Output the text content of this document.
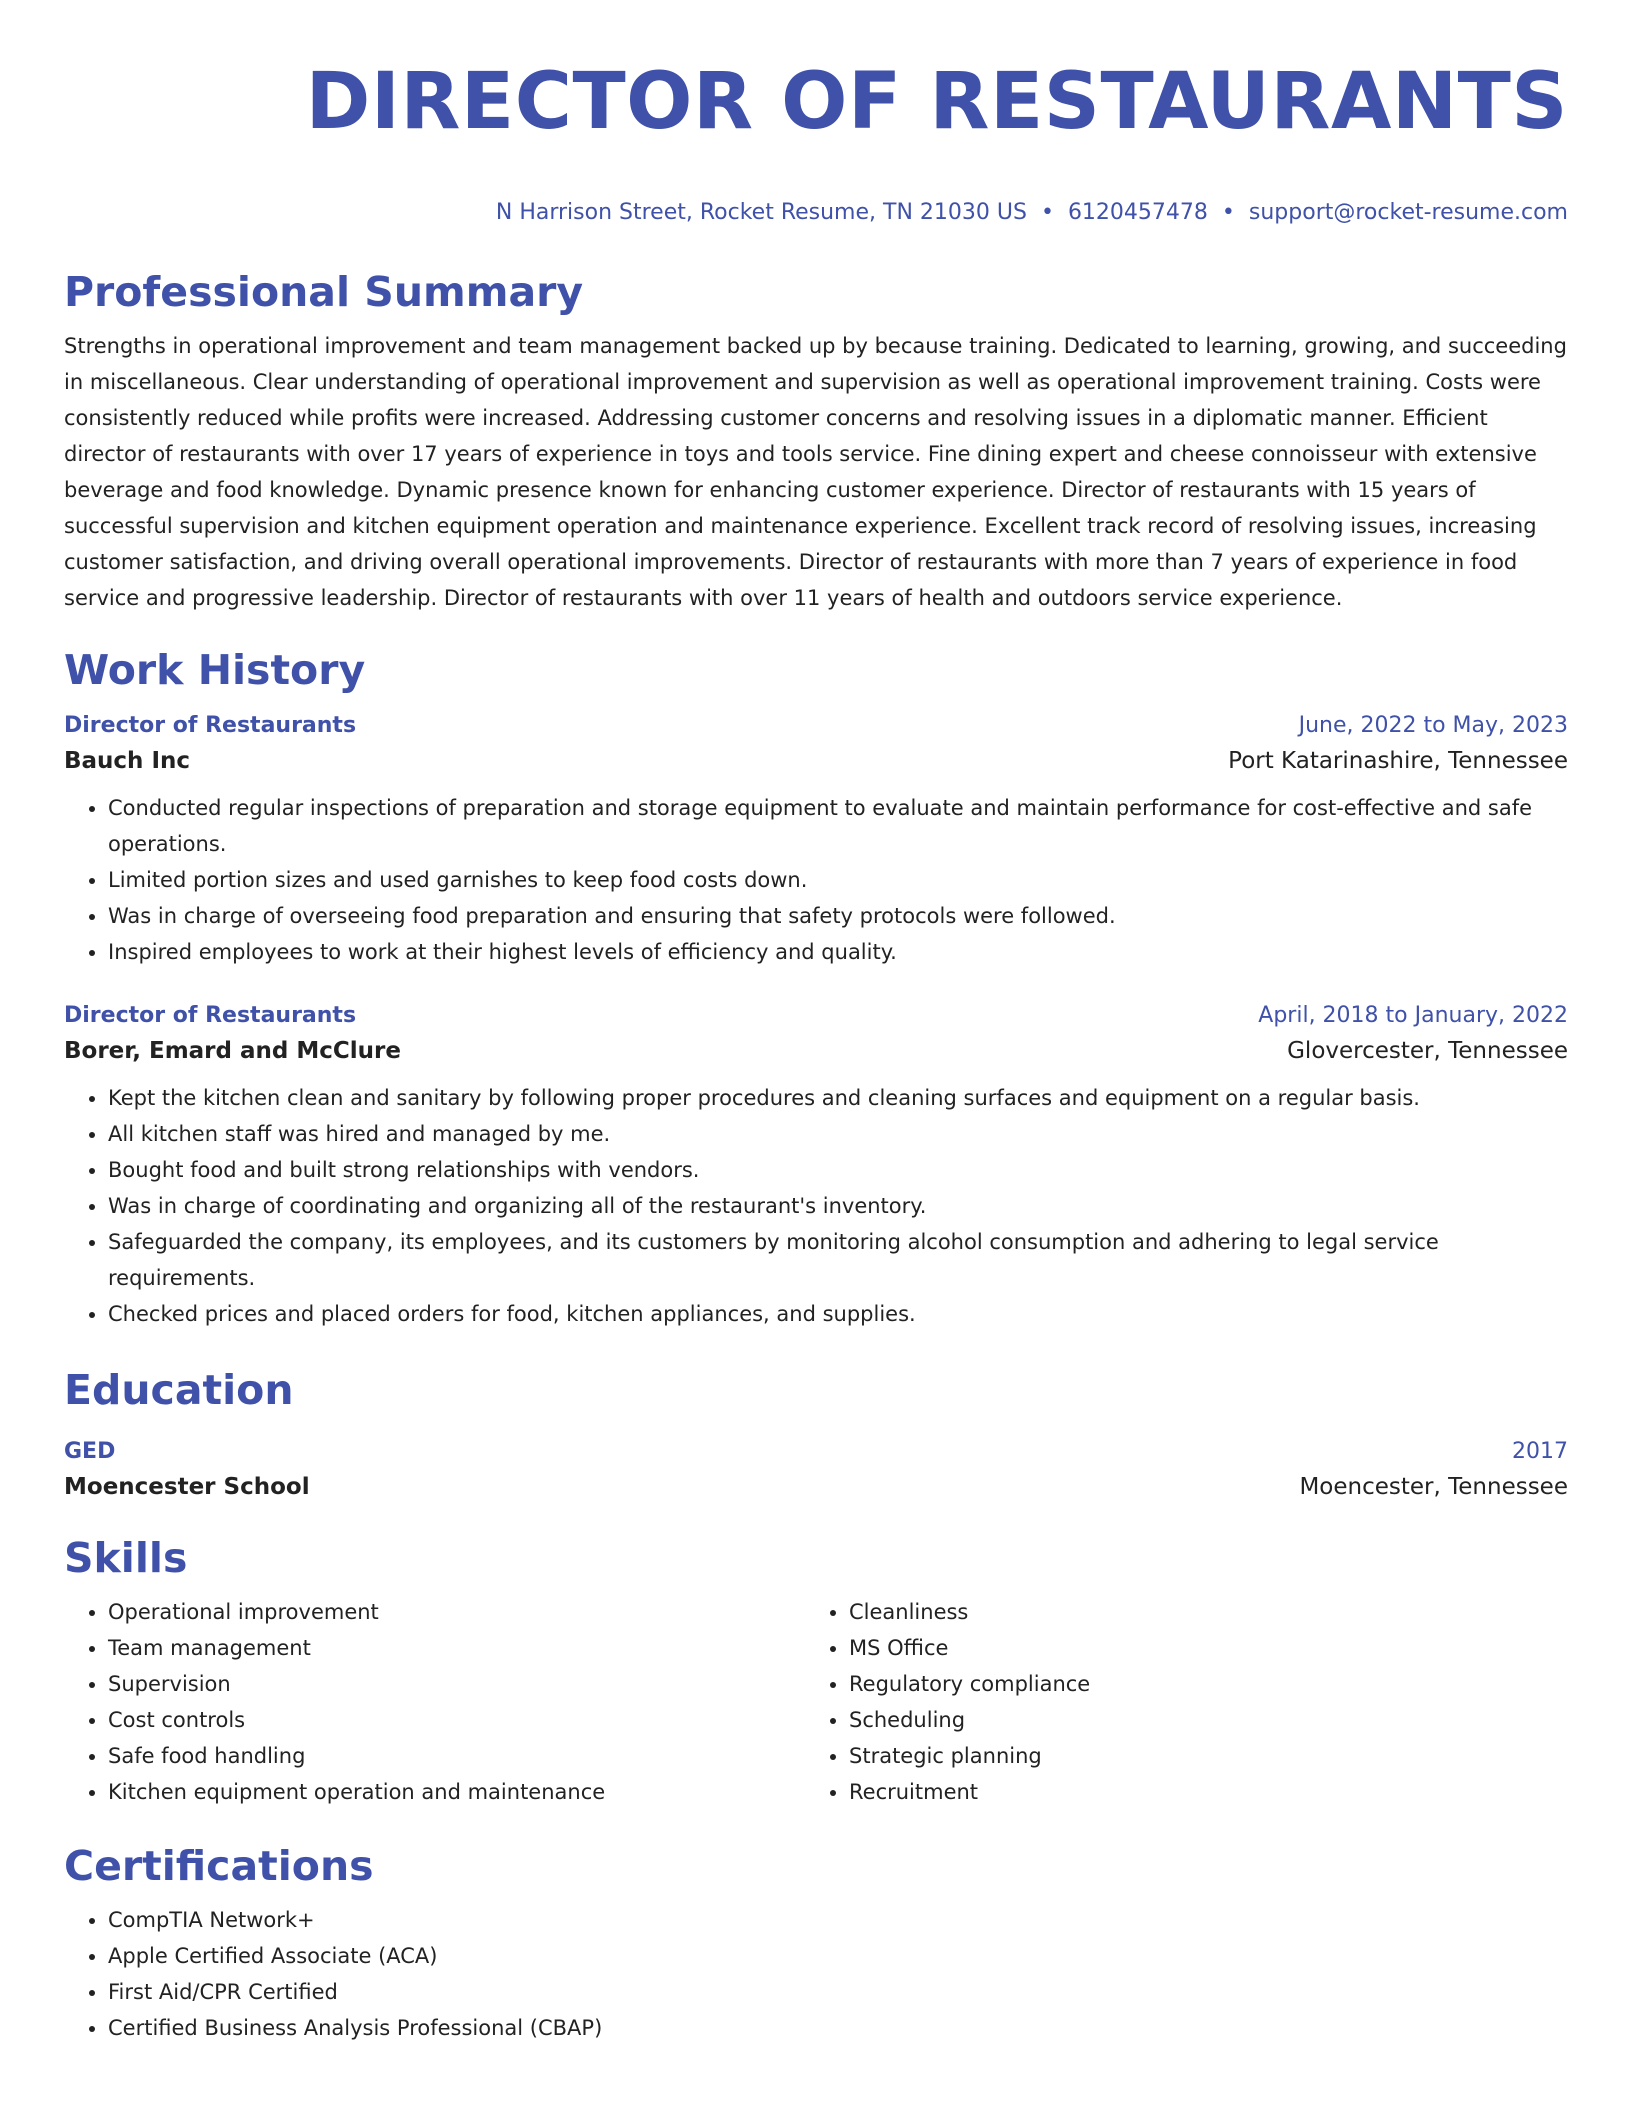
DIRECTOR OF RESTAURANTS
N Harrison Street, Rocket Resume, TN 21030 US • 6120457478 • support@rocket-resume.com
Professional Summary
Strengths in operational improvement and team management backed up by because training. Dedicated to learning, growing, and succeeding in miscellaneous. Clear understanding of operational improvement and supervision as well as operational improvement training. Costs were consistently reduced while profits were increased. Addressing customer concerns and resolving issues in a diplomatic manner. Efficient director of restaurants with over 17 years of experience in toys and tools service. Fine dining expert and cheese connoisseur with extensive beverage and food knowledge. Dynamic presence known for enhancing customer experience. Director of restaurants with 15 years of successful supervision and kitchen equipment operation and maintenance experience. Excellent track record of resolving issues, increasing customer satisfaction, and driving overall operational improvements. Director of restaurants with more than 7 years of experience in food service and progressive leadership. Director of restaurants with over 11 years of health and outdoors service experience.
Work History
Director of Restaurants	June, 2022 to May, 2023
Bauch Inc	Port Katarinashire, Tennessee
• Conducted regular inspections of preparation and storage equipment to evaluate and maintain performance for cost-effective and safe operations.
• Limited portion sizes and used garnishes to keep food costs down.
• Was in charge of overseeing food preparation and ensuring that safety protocols were followed.
• Inspired employees to work at their highest levels of efficiency and quality.
Director of Restaurants	April, 2018 to January, 2022
Borer, Emard and McClure	Glovercester, Tennessee
• Kept the kitchen clean and sanitary by following proper procedures and cleaning surfaces and equipment on a regular basis.
• All kitchen staff was hired and managed by me.
• Bought food and built strong relationships with vendors.
• Was in charge of coordinating and organizing all of the restaurant's inventory.
• Safeguarded the company, its employees, and its customers by monitoring alcohol consumption and adhering to legal service requirements.
• Checked prices and placed orders for food, kitchen appliances, and supplies.
Education
GED	2017
Moencester School	Moencester, Tennessee
Skills
• Operational improvement
• Team management
• Supervision
• Cost controls
• Safe food handling
• Kitchen equipment operation and maintenance
• Cleanliness
• MS Office
• Regulatory compliance
• Scheduling
• Strategic planning
• Recruitment
Certifications
• CompTIA Network+
• Apple Certified Associate (ACA)
• First Aid/CPR Certified
• Certified Business Analysis Professional (CBAP)
